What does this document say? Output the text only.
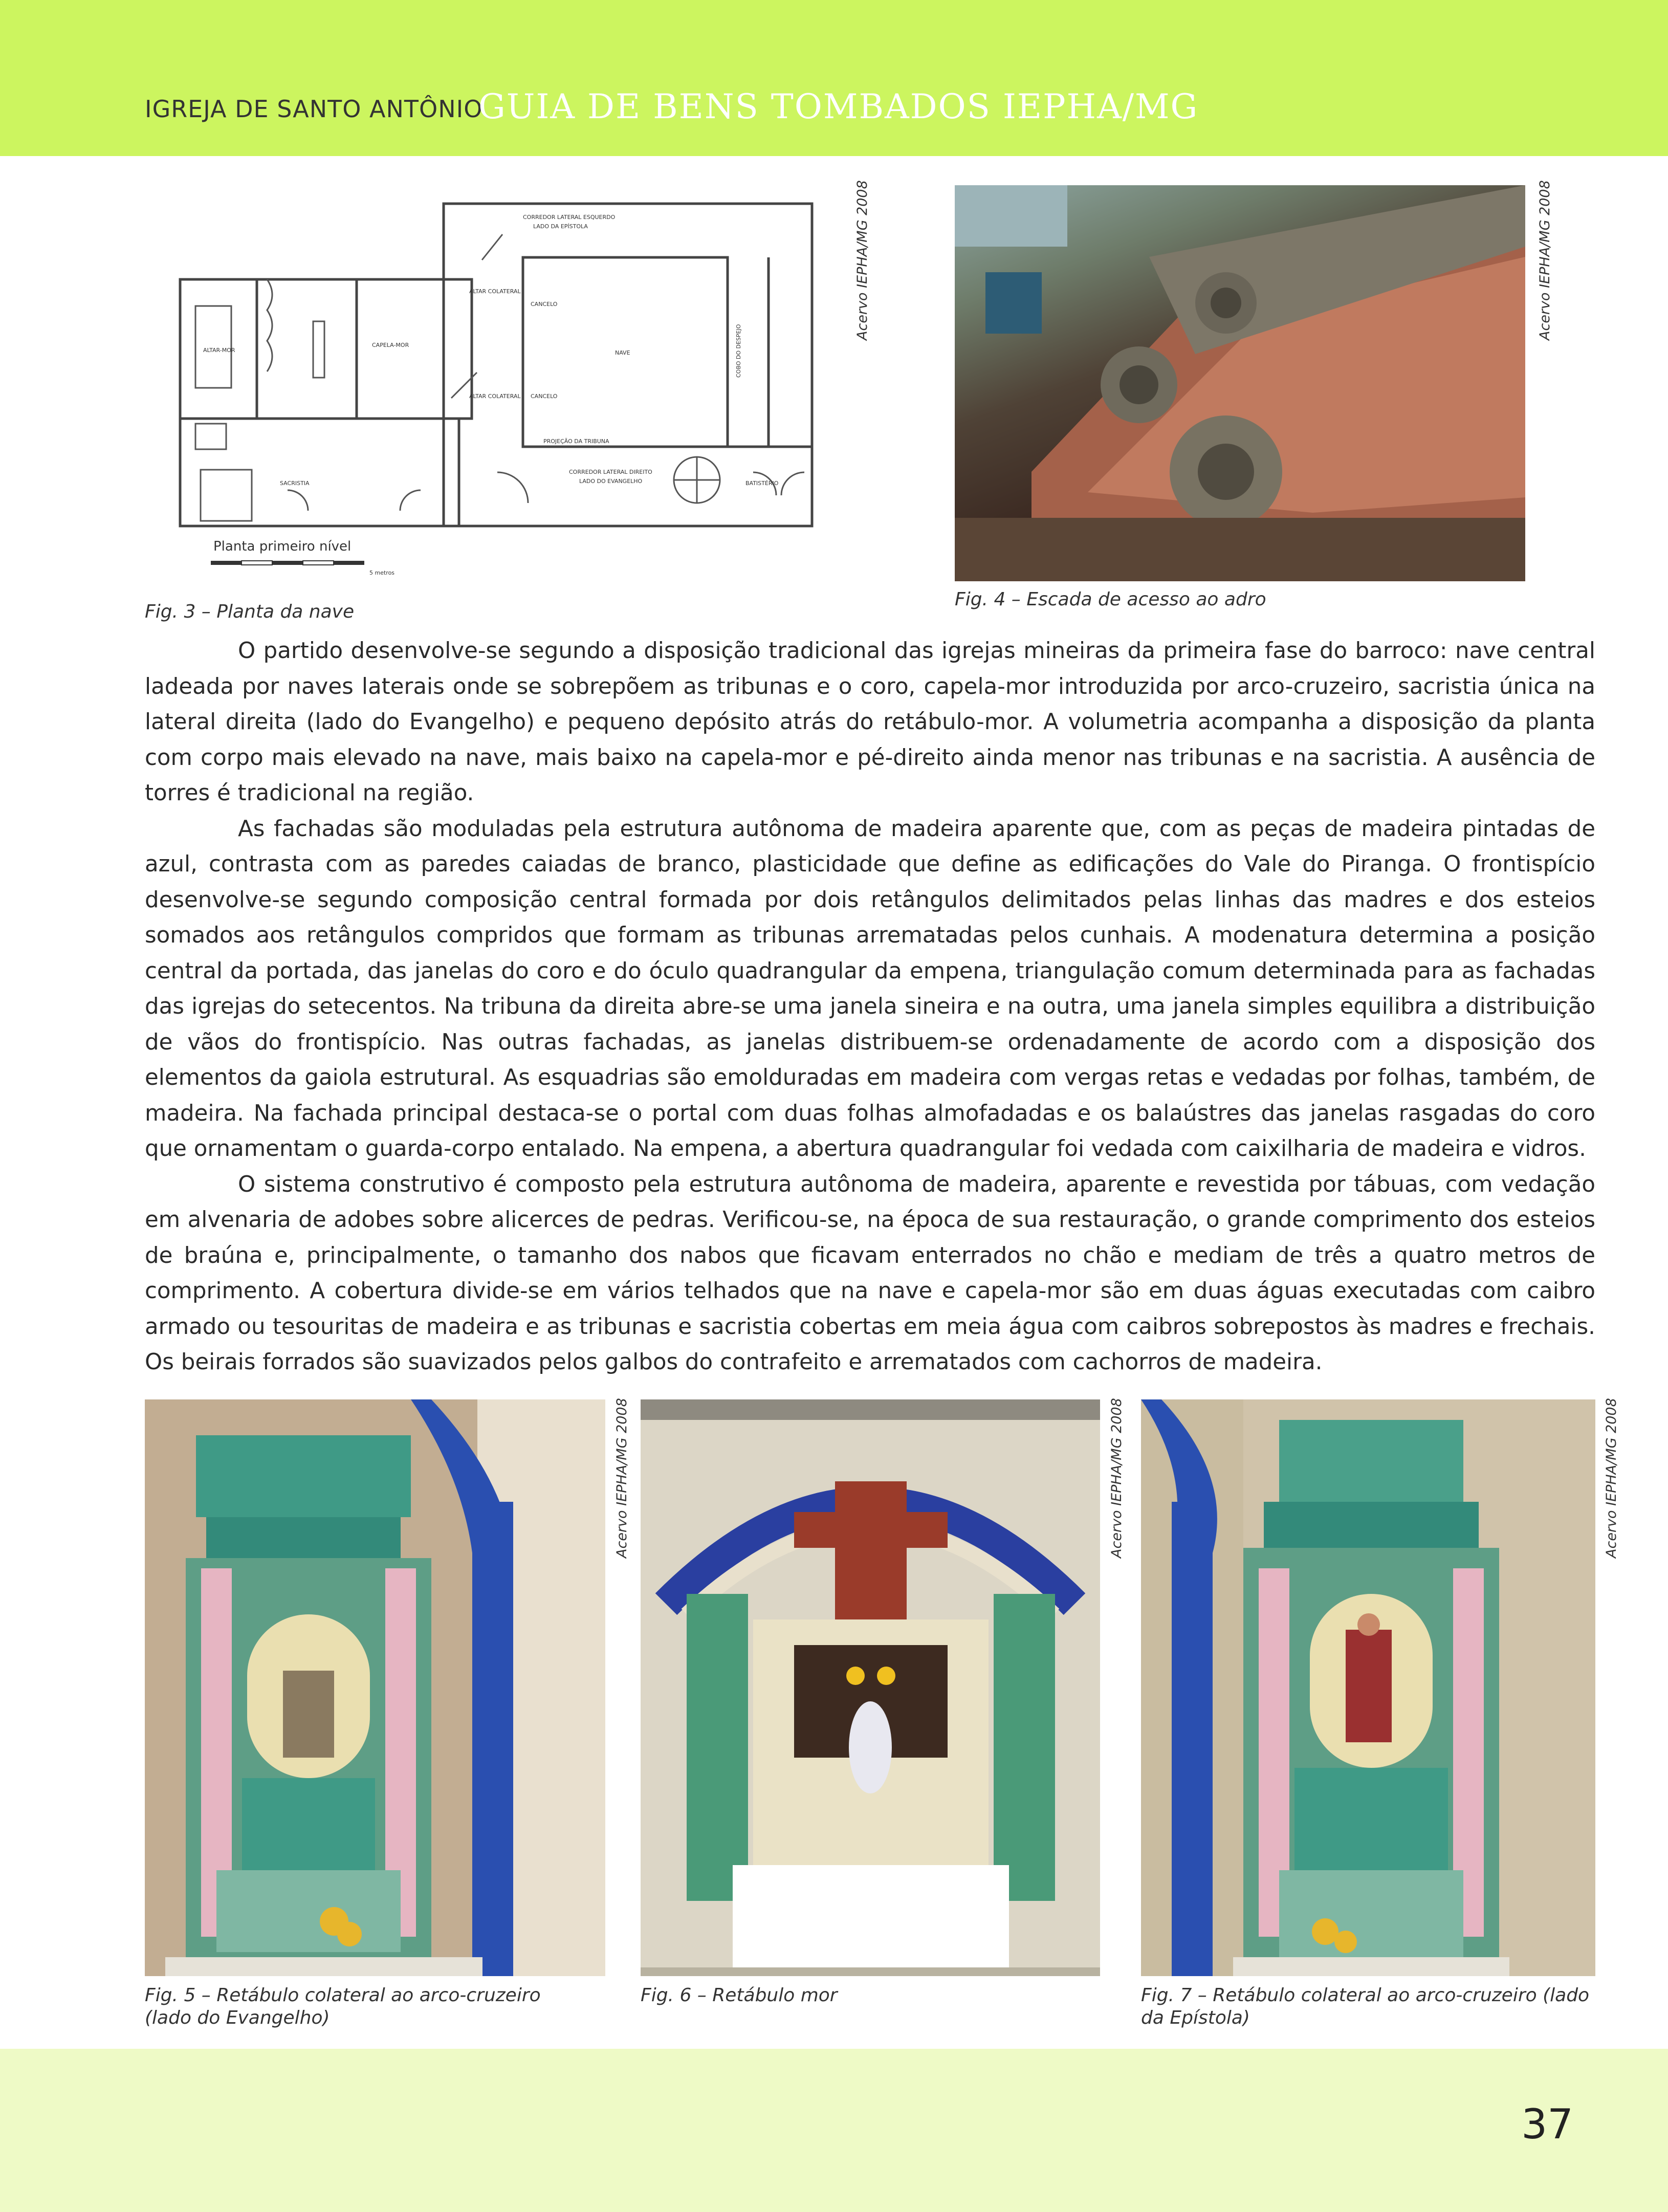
IGREJA DE SANTO ANTÔNIO
GUIA DE BENS TOMBADOS IEPHA/MG
CORREDOR LATERAL ESQUERDO
LADO DA EPÍSTOLA
ALTAR-MOR
CAPELA-MOR
ALTAR COLATERAL
ALTAR COLATERAL
SACRISTIA
NAVE
CANCELO
CANCELO
COBO DO DESPEJO
PROJEÇÃO DA TRIBUNA
CORREDOR LATERAL DIREITO
LADO DO EVANGELHO	BATISTÉRIO
Planta primeiro nível
5 metros
Acervo IEPHA/MG 2008
Fig. 3 – Planta da nave
Acervo IEPHA/MG 2008
Fig. 4 – Escada de acesso ao adro

O partido desenvolve-se segundo a disposição tradicional das igrejas mineiras da primeira fase do barroco: nave central ladeada por naves laterais onde se sobrepõem as tribunas e o coro, capela-mor introduzida por arco-cruzeiro, sacristia única na lateral direita (lado do Evangelho) e pequeno depósito atrás do retábulo-mor. A volumetria acompanha a disposição da planta com corpo mais elevado na nave, mais baixo na capela-mor e pé-direito ainda menor nas tribunas e na sacristia. A ausência de torres é tradicional na região.

As fachadas são moduladas pela estrutura autônoma de madeira aparente que, com as peças de madeira pintadas de azul, contrasta com as paredes caiadas de branco, plasticidade que define as edificações do Vale do Piranga. O frontispício desenvolve-se segundo composição central formada por dois retângulos delimitados pelas linhas das madres e dos esteios somados aos retângulos compridos que formam as tribunas arrematadas pelos cunhais. A modenatura determina a posição central da portada, das janelas do coro e do óculo quadrangular da empena, triangulação comum determinada para as fachadas das igrejas do setecentos. Na tribuna da direita abre-se uma janela sineira e na outra, uma janela simples equilibra a distribuição de vãos do frontispício. Nas outras fachadas, as janelas distribuem-se ordenadamente de acordo com a disposição dos elementos da gaiola estrutural. As esquadrias são emolduradas em madeira com vergas retas e vedadas por folhas, também, de madeira. Na fachada principal destaca-se o portal com duas folhas almofadadas e os balaústres das janelas rasgadas do coro que ornamentam o guarda-corpo entalado. Na empena, a abertura quadrangular foi vedada com caixilharia de madeira e vidros.

O sistema construtivo é composto pela estrutura autônoma de madeira, aparente e revestida por tábuas, com vedação em alvenaria de adobes sobre alicerces de pedras. Verificou-se, na época de sua restauração, o grande comprimento dos esteios de braúna e, principalmente, o tamanho dos nabos que ficavam enterrados no chão e mediam de três a quatro metros de comprimento. A cobertura divide-se em vários telhados que na nave e capela-mor são em duas águas executadas com caibro armado ou tesouritas de madeira e as tribunas e sacristia cobertas em meia água com caibros sobrepostos às madres e frechais. Os beirais forrados são suavizados pelos galbos do contrafeito e arrematados com cachorros de madeira.

Acervo IEPHA/MG 2008
Fig. 5 – Retábulo colateral ao arco-cruzeiro (lado do Evangelho)
Acervo IEPHA/MG 2008
Fig. 6 – Retábulo mor
Acervo IEPHA/MG 2008
Fig. 7 – Retábulo colateral ao arco-cruzeiro (lado da Epístola)
37
